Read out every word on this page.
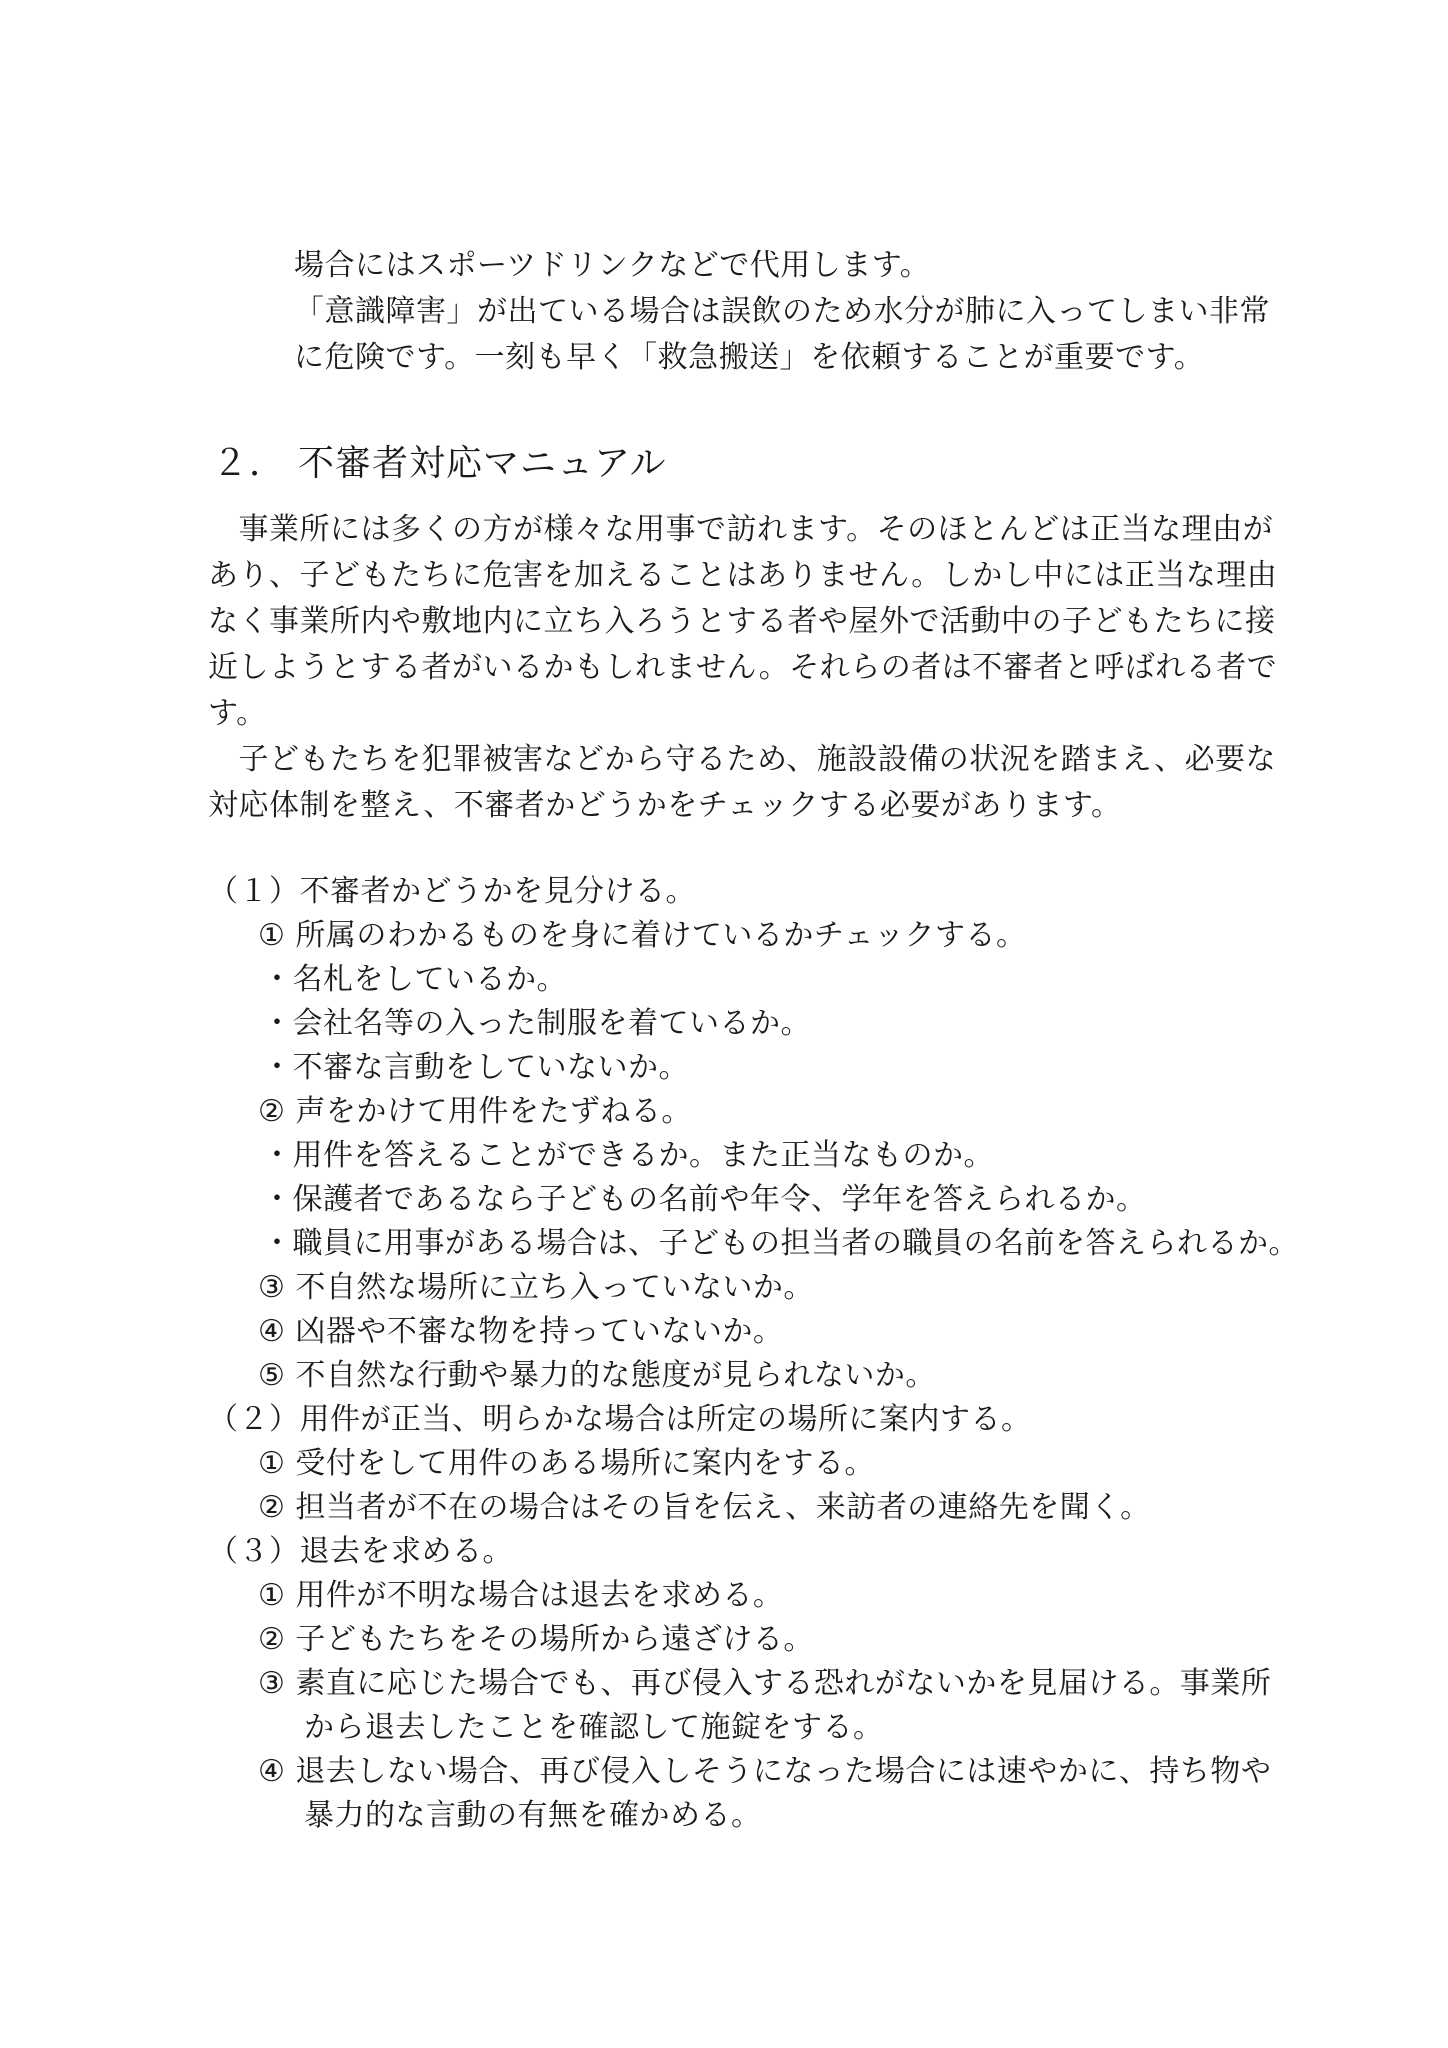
場合にはスポーツドリンクなどで代用します。
「意識障害」が出ている場合は誤飲のため水分が肺に入ってしまい非常
に危険です。一刻も早く「救急搬送」を依頼することが重要です。
２． 不審者対応マニュアル
　事業所には多くの方が様々な用事で訪れます。そのほとんどは正当な理由が
あり、子どもたちに危害を加えることはありません。しかし中には正当な理由
なく事業所内や敷地内に立ち入ろうとする者や屋外で活動中の子どもたちに接
近しようとする者がいるかもしれません。それらの者は不審者と呼ばれる者で
す。
　子どもたちを犯罪被害などから守るため、施設設備の状況を踏まえ、必要な
対応体制を整え、不審者かどうかをチェックする必要があります。
（１）不審者かどうかを見分ける。
① 所属のわかるものを身に着けているかチェックする。
・名札をしているか。
・会社名等の入った制服を着ているか。
・不審な言動をしていないか。
② 声をかけて用件をたずねる。
・用件を答えることができるか。また正当なものか。
・保護者であるなら子どもの名前や年令、学年を答えられるか。
・職員に用事がある場合は、子どもの担当者の職員の名前を答えられるか。
③ 不自然な場所に立ち入っていないか。
④ 凶器や不審な物を持っていないか。
⑤ 不自然な行動や暴力的な態度が見られないか。
（２）用件が正当、明らかな場合は所定の場所に案内する。
① 受付をして用件のある場所に案内をする。
② 担当者が不在の場合はその旨を伝え、来訪者の連絡先を聞く。
（３）退去を求める。
① 用件が不明な場合は退去を求める。
② 子どもたちをその場所から遠ざける。
③ 素直に応じた場合でも、再び侵入する恐れがないかを見届ける。事業所
から退去したことを確認して施錠をする。
④ 退去しない場合、再び侵入しそうになった場合には速やかに、持ち物や
暴力的な言動の有無を確かめる。
